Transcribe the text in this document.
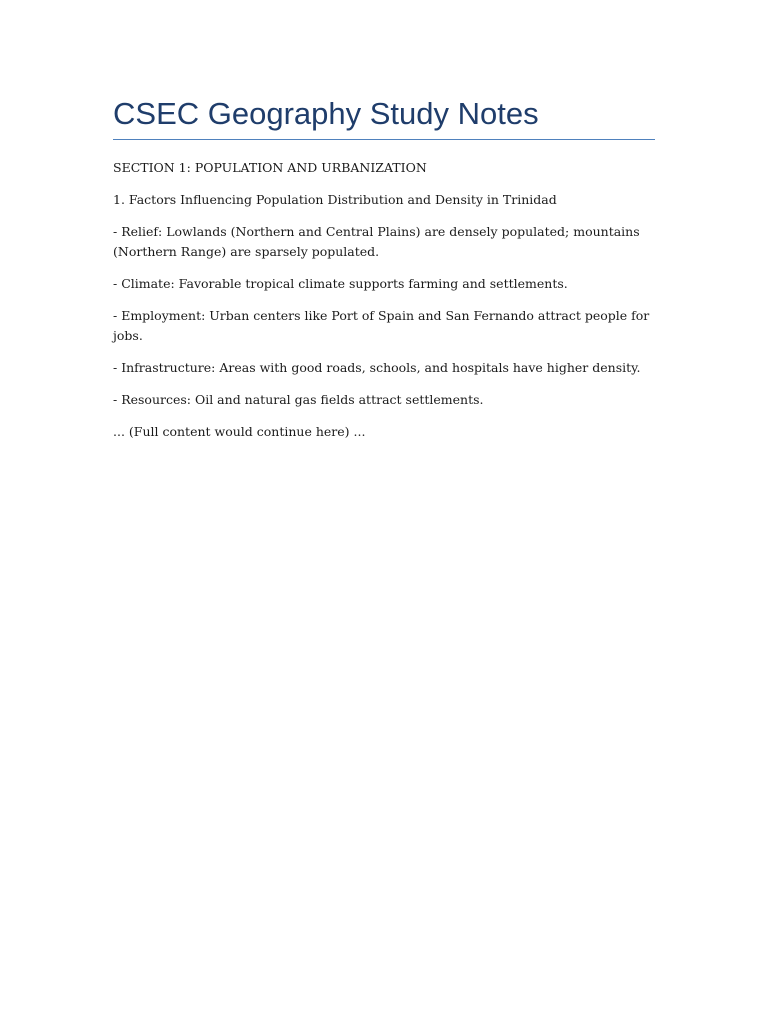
CSEC Geography Study Notes

SECTION 1: POPULATION AND URBANIZATION

1. Factors Influencing Population Distribution and Density in Trinidad

- Relief: Lowlands (Northern and Central Plains) are densely populated; mountains (Northern Range) are sparsely populated.

- Climate: Favorable tropical climate supports farming and settlements.

- Employment: Urban centers like Port of Spain and San Fernando attract people for jobs.

- Infrastructure: Areas with good roads, schools, and hospitals have higher density.

- Resources: Oil and natural gas fields attract settlements.

... (Full content would continue here) ...
